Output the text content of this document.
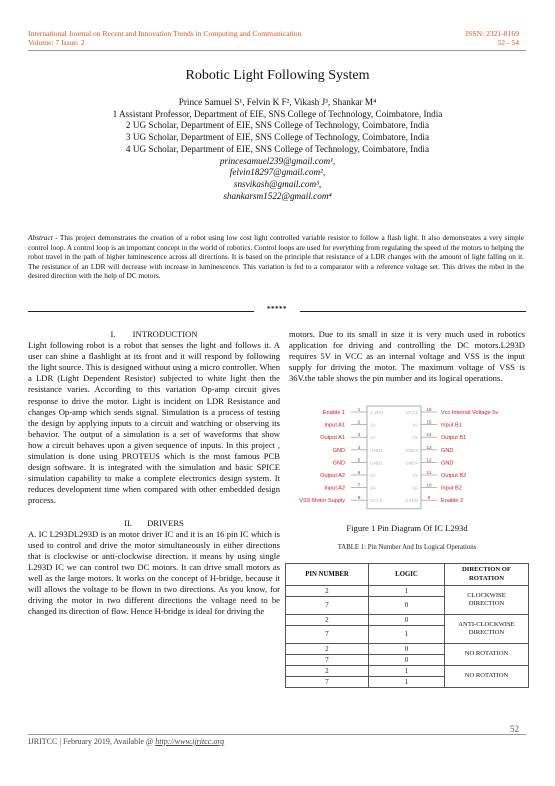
International Journal on Recent and Innovation Trends in Computing and Communication
Volume: 7 Issue: 2
ISSN: 2321-8169
52 - 54
Robotic Light Following System
Prince Samuel S¹, Felvin K F², Vikash J³, Shankar M⁴
1 Assistant Professor, Department of EIE, SNS College of Technology, Coimbatore, India
2 UG Scholar, Department of EIE, SNS College of Technology, Coimbatore, India
3 UG Scholar, Department of EIE, SNS College of Technology, Coimbatore, India
4 UG Scholar, Department of EIE, SNS College of Technology, Coimbatore, India
princesamuel239@gmail.com¹,
felvin18297@gmail.com²,
snsvikash@gmail.com³,
shankarsm1522@gmail.com⁴
Abstract - This project demonstrates the creation of a robot using low cost light controlled variable resistor to follow a flash light. It also demonstrates a very simple control loop. A control loop is an important concept in the world of robotics. Control loops are used for everything from regulating the speed of the motors to helping the robot travel in the path of higher luminescence across all directions. It is based on the principle that resistance of a LDR changes with the amount of light falling on it. The resistance of an LDR will decrease with increase in luminescence. This variation is fed to a comparator with a reference voltage set. This drives the robot in the desired direction with the help of DC motors.
*****

I.        INTRODUCTION

Light following robot is a robot that senses the light and follows it. A user can shine a flashlight at its front and it will respond by following the light source. This is designed without using a micro controller. When a LDR (Light Dependent Resistor) subjected to white light then the resistance varies. According to this variation Op-amp circuit gives response to drive the motor. Light is incident on LDR Resistance and changes Op-amp which sends signal. Simulation is a process of testing the design by applying inputs to a circuit and watching or observing its behavior. The output of a simulation is a set of waveforms that show how a circuit behaves upon a given sequence of inputs. In this project , simulation is done using PROTEUS which is the most famous PCB design software. It is integrated with the simulation and basic SPICE simulation capability to make a complete electronics design system. It reduces development time when compared with other embedded design process.

II.       DRIVERS

A. IC L293DL293D is an motor driver IC and it is an 16 pin IC which is used to control and drive the motor simultaneously in either directions that is clockwise or anti-clockwise direction. it means by using single L293D IC we can control two DC motors. It can drive small motors as well as the large motors. It works on the concept of H-bridge, because it will allows the voltage to be flown in two directions. As you know, for driving the motor in two different directions the voltage need to be changed its direction of flow. Hence H-bridge is ideal for driving the

motors. Due to its small in size it is very much used in robotics application for driving and controlling the DC motors.L293D requires 5V in VCC as an internal voltage and VSS is the input supply for driving the motor. The maximum voltage of VSS is 36V.the table shows the pin number and its logical operations.

Enable 1
1
1-2EN	VCC1
16
Vcc Internal Voltage 5v
Input A1
2
1A	4A
15
Input B1
Output A1
3
1Y	4Y
14
Output B1
GND
4
GND1	GND3
13
GND
GND
5
GND2	GND4
12
GND
Output A2
6
2Y	3Y
11
Output B2
Input A2
7
2A	3A
10
Input B2
VSS Motor Supply
8
VCC2	3-4EN
9
Enable 2
Figure 1 Pin Diagram Of IC L293d
TABLE 1: Pin Number And Its Logical Operations
PIN NUMBER	LOGIC	DIRECTION OF ROTATION
2	1	CLOCKWISE
DIRECTION

7	0	
2	0	ANTI-CLOCKWISE
DIRECTION

7	1	
2	0	NO ROTATION
7	0	
2	1	NO ROTATION
7	1	
52
IJRITCC | February 2019, Available @ http://www.ijritcc.org
